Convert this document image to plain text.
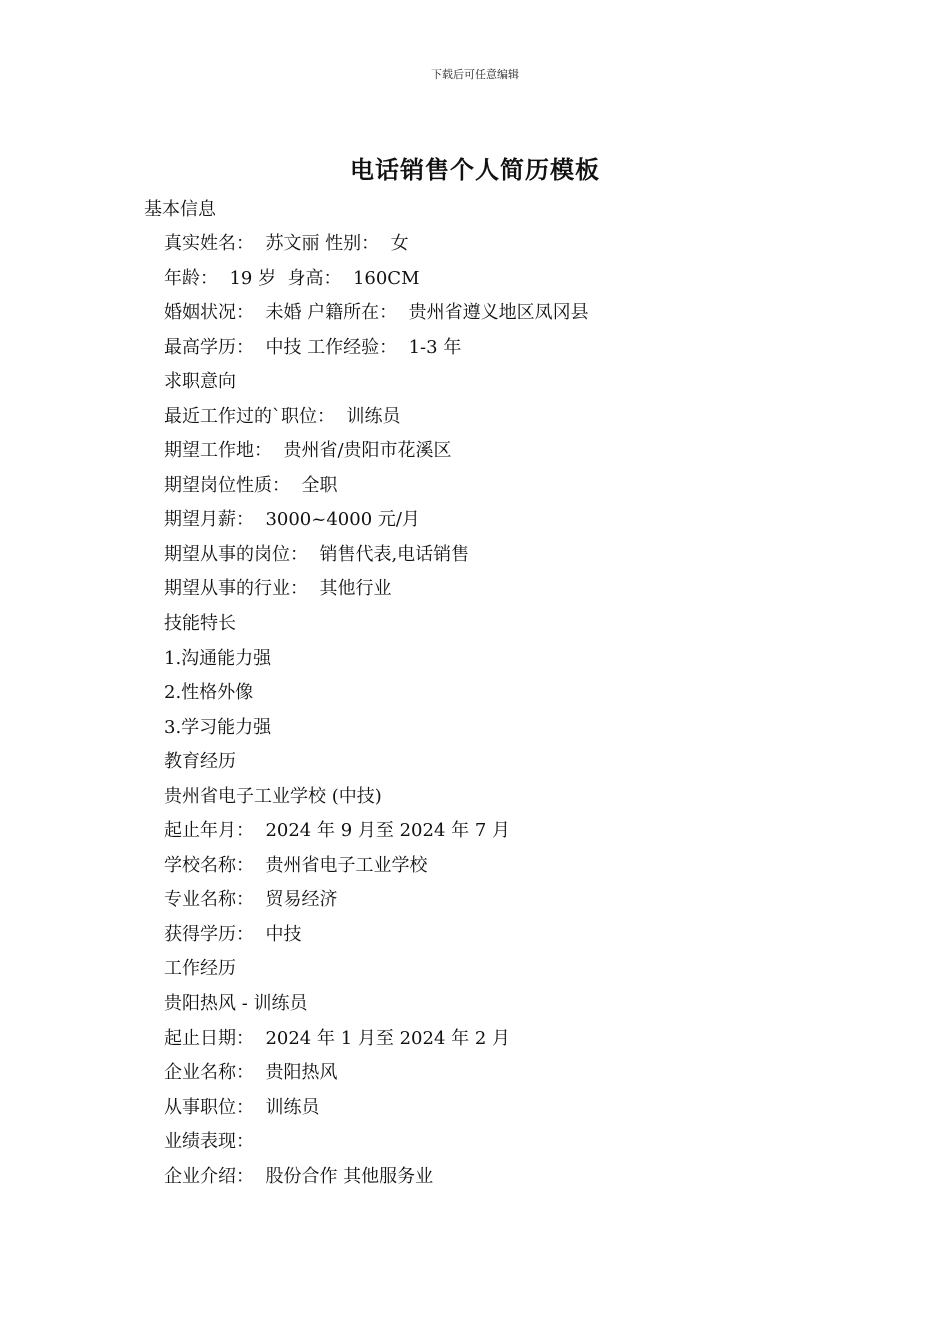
下载后可任意编辑
电话销售个人简历模板
基本信息
真实姓名：  苏文丽 性别：  女
年龄：  19 岁  身高：  160CM
婚姻状况：  未婚 户籍所在：  贵州省遵义地区凤冈县
最高学历：  中技 工作经验：  1-3 年
求职意向
最近工作过的`职位：  训练员
期望工作地：  贵州省/贵阳市花溪区
期望岗位性质：  全职
期望月薪：  3000~4000 元/月
期望从事的岗位：  销售代表,电话销售
期望从事的行业：  其他行业
技能特长
1.沟通能力强
2.性格外像
3.学习能力强
教育经历
贵州省电子工业学校 (中技)
起止年月：  2024 年 9 月至 2024 年 7 月
学校名称：  贵州省电子工业学校
专业名称：  贸易经济
获得学历：  中技
工作经历
贵阳热风 - 训练员
起止日期：  2024 年 1 月至 2024 年 2 月
企业名称：  贵阳热风
从事职位：  训练员
业绩表现：
企业介绍：  股份合作 其他服务业
